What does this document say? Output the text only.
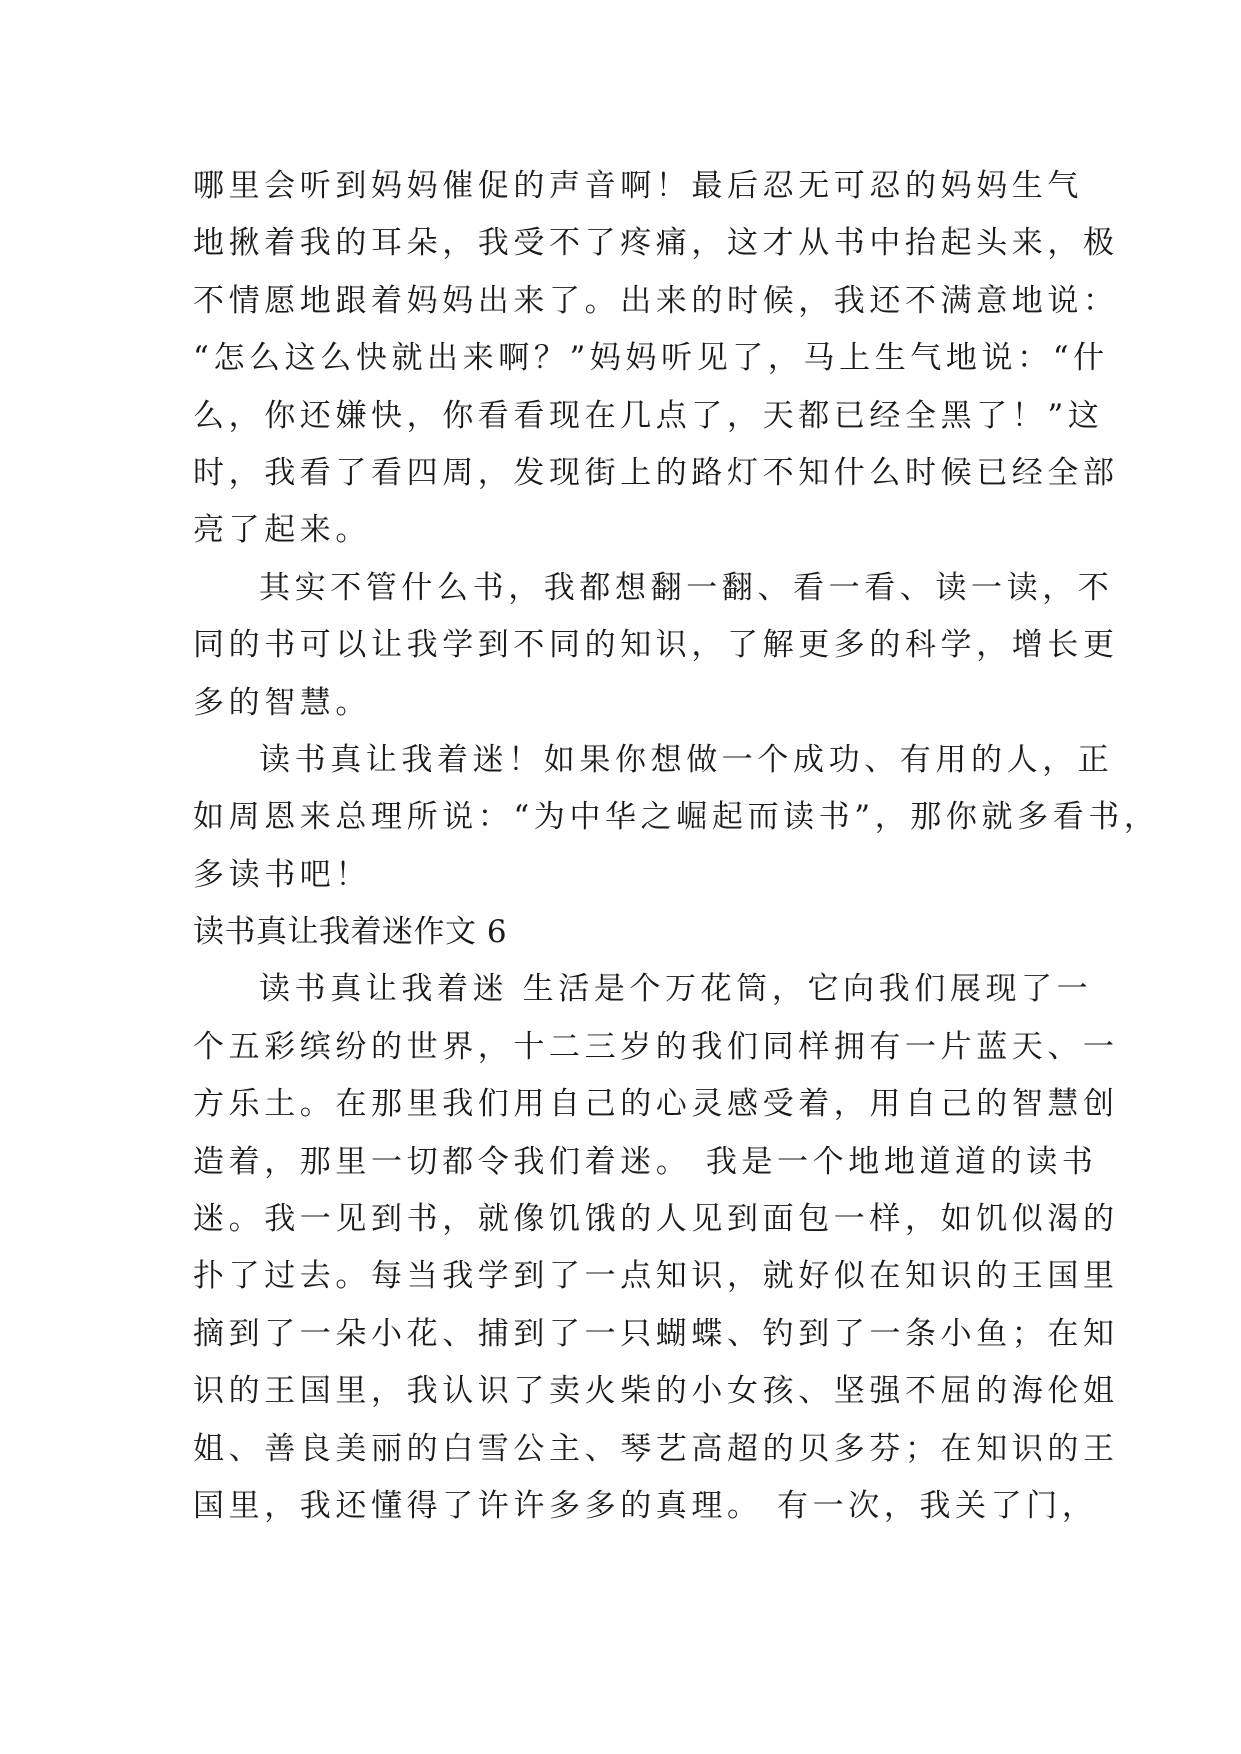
哪里会听到妈妈催促的声音啊！最后忍无可忍的妈妈生气
地揪着我的耳朵，我受不了疼痛，这才从书中抬起头来，极
不情愿地跟着妈妈出来了。出来的时候，我还不满意地说：
“怎么这么快就出来啊？”妈妈听见了，马上生气地说：“什
么，你还嫌快，你看看现在几点了，天都已经全黑了！”这
时，我看了看四周，发现街上的路灯不知什么时候已经全部
亮了起来。
其实不管什么书，我都想翻一翻、看一看、读一读，不
同的书可以让我学到不同的知识，了解更多的科学，增长更
多的智慧。
读书真让我着迷！如果你想做一个成功、有用的人，正
如周恩来总理所说：“为中华之崛起而读书”，那你就多看书，
多读书吧！
读书真让我着迷作文 6
读书真让我着迷 生活是个万花筒，它向我们展现了一
个五彩缤纷的世界，十二三岁的我们同样拥有一片蓝天、一
方乐土。在那里我们用自己的心灵感受着，用自己的智慧创
造着，那里一切都令我们着迷。 我是一个地地道道的读书
迷。我一见到书，就像饥饿的人见到面包一样，如饥似渴的
扑了过去。每当我学到了一点知识，就好似在知识的王国里
摘到了一朵小花、捕到了一只蝴蝶、钓到了一条小鱼；在知
识的王国里，我认识了卖火柴的小女孩、坚强不屈的海伦姐
姐、善良美丽的白雪公主、琴艺高超的贝多芬；在知识的王
国里，我还懂得了许许多多的真理。 有一次，我关了门，
